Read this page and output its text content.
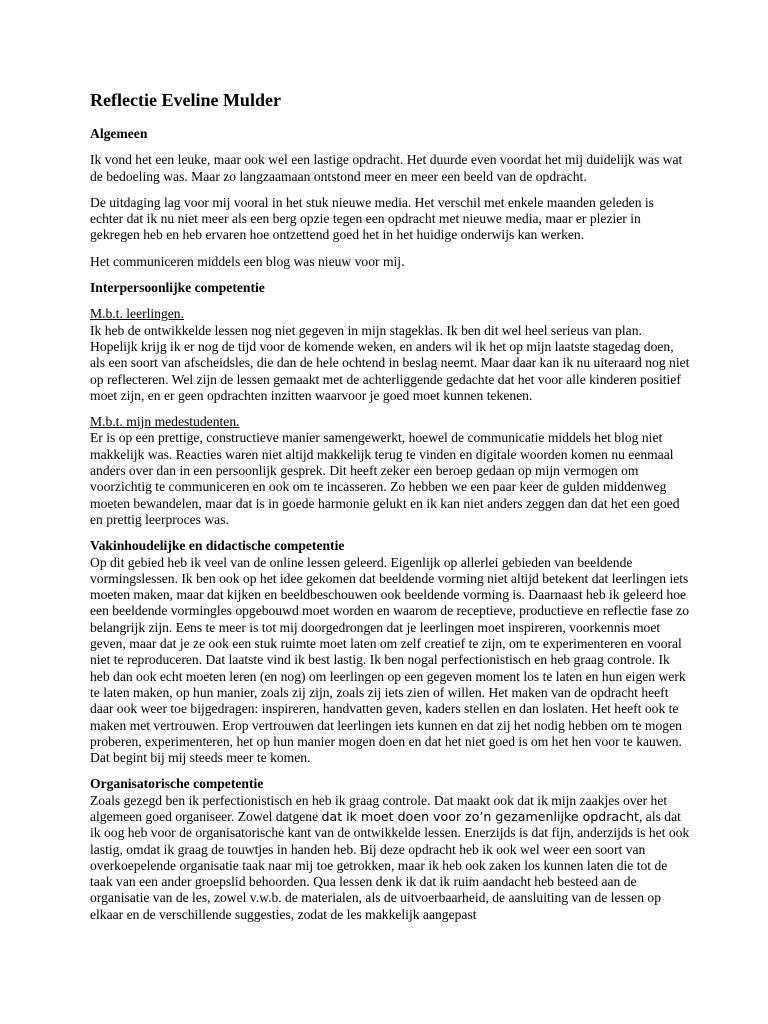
Reflectie Eveline Mulder
Algemeen

Ik vond het een leuke, maar ook wel een lastige opdracht. Het duurde even voordat het mij duidelijk was wat de bedoeling was. Maar zo langzaamaan ontstond meer en meer een beeld van de opdracht.

De uitdaging lag voor mij vooral in het stuk nieuwe media. Het verschil met enkele maanden geleden is echter dat ik nu niet meer als een berg opzie tegen een opdracht met nieuwe media, maar er plezier in gekregen heb en heb ervaren hoe ontzettend goed het in het huidige onderwijs kan werken.

Het communiceren middels een blog was nieuw voor mij.

Interpersoonlijke competentie
M.b.t. leerlingen.

Ik heb de ontwikkelde lessen nog niet gegeven in mijn stageklas. Ik ben dit wel heel serieus van plan. Hopelijk krijg ik er nog de tijd voor de komende weken, en anders wil ik het op mijn laatste stagedag doen, als een soort van afscheidsles, die dan de hele ochtend in beslag neemt. Maar daar kan ik nu uiteraard nog niet op reflecteren. Wel zijn de lessen gemaakt met de achterliggende gedachte dat het voor alle kinderen positief moet zijn, en er geen opdrachten inzitten waarvoor je goed moet kunnen tekenen.

M.b.t. mijn medestudenten.

Er is op een prettige, constructieve manier samengewerkt, hoewel de communicatie middels het blog niet makkelijk was. Reacties waren niet altijd makkelijk terug te vinden en digitale woorden komen nu eenmaal anders over dan in een persoonlijk gesprek. Dit heeft zeker een beroep gedaan op mijn vermogen om voorzichtig te communiceren en ook om te incasseren. Zo hebben we een paar keer de gulden middenweg moeten bewandelen, maar dat is in goede harmonie gelukt en ik kan niet anders zeggen dan dat het een goed en prettig leerproces was.

Vakinhoudelijke en didactische competentie

Op dit gebied heb ik veel van de online lessen geleerd. Eigenlijk op allerlei gebieden van beeldende vormingslessen. Ik ben ook op het idee gekomen dat beeldende vorming niet altijd betekent dat leerlingen iets moeten maken, maar dat kijken en beeldbeschouwen ook beeldende vorming is. Daarnaast heb ik geleerd hoe een beeldende vormingles opgebouwd moet worden en waarom de receptieve, productieve en reflectie fase zo belangrijk zijn. Eens te meer is tot mij doorgedrongen dat je leerlingen moet inspireren, voorkennis moet geven, maar dat je ze ook een stuk ruimte moet laten om zelf creatief te zijn, om te experimenteren en vooral niet te reproduceren. Dat laatste vind ik best lastig. Ik ben nogal perfectionistisch en heb graag controle. Ik heb dan ook echt moeten leren (en nog) om leerlingen op een gegeven moment los te laten en hun eigen werk te laten maken, op hun manier, zoals zij zijn, zoals zij iets zien of willen. Het maken van de opdracht heeft daar ook weer toe bijgedragen: inspireren, handvatten geven, kaders stellen en dan loslaten. Het heeft ook te maken met vertrouwen. Erop vertrouwen dat leerlingen iets kunnen en dat zij het nodig hebben om te mogen proberen, experimenteren, het op hun manier mogen doen en dat het niet goed is om het hen voor te kauwen. Dat begint bij mij steeds meer te komen.

Organisatorische competentie

Zoals gezegd ben ik perfectionistisch en heb ik graag controle. Dat maakt ook dat ik mijn zaakjes over het algemeen goed organiseer. Zowel datgene dat ik moet doen voor zo’n gezamenlijke opdracht, als dat ik oog heb voor de organisatorische kant van de ontwikkelde lessen. Enerzijds is dat fijn, anderzijds is het ook lastig, omdat ik graag de touwtjes in handen heb. Bij deze opdracht heb ik ook wel weer een soort van overkoepelende organisatie taak naar mij toe getrokken, maar ik heb ook zaken los kunnen laten die tot de taak van een ander groepslid behoorden. Qua lessen denk ik dat ik ruim aandacht heb besteed aan de organisatie van de les, zowel v.w.b. de materialen, als de uitvoerbaarheid, de aansluiting van de lessen op elkaar en de verschillende suggesties, zodat de les makkelijk aangepast
